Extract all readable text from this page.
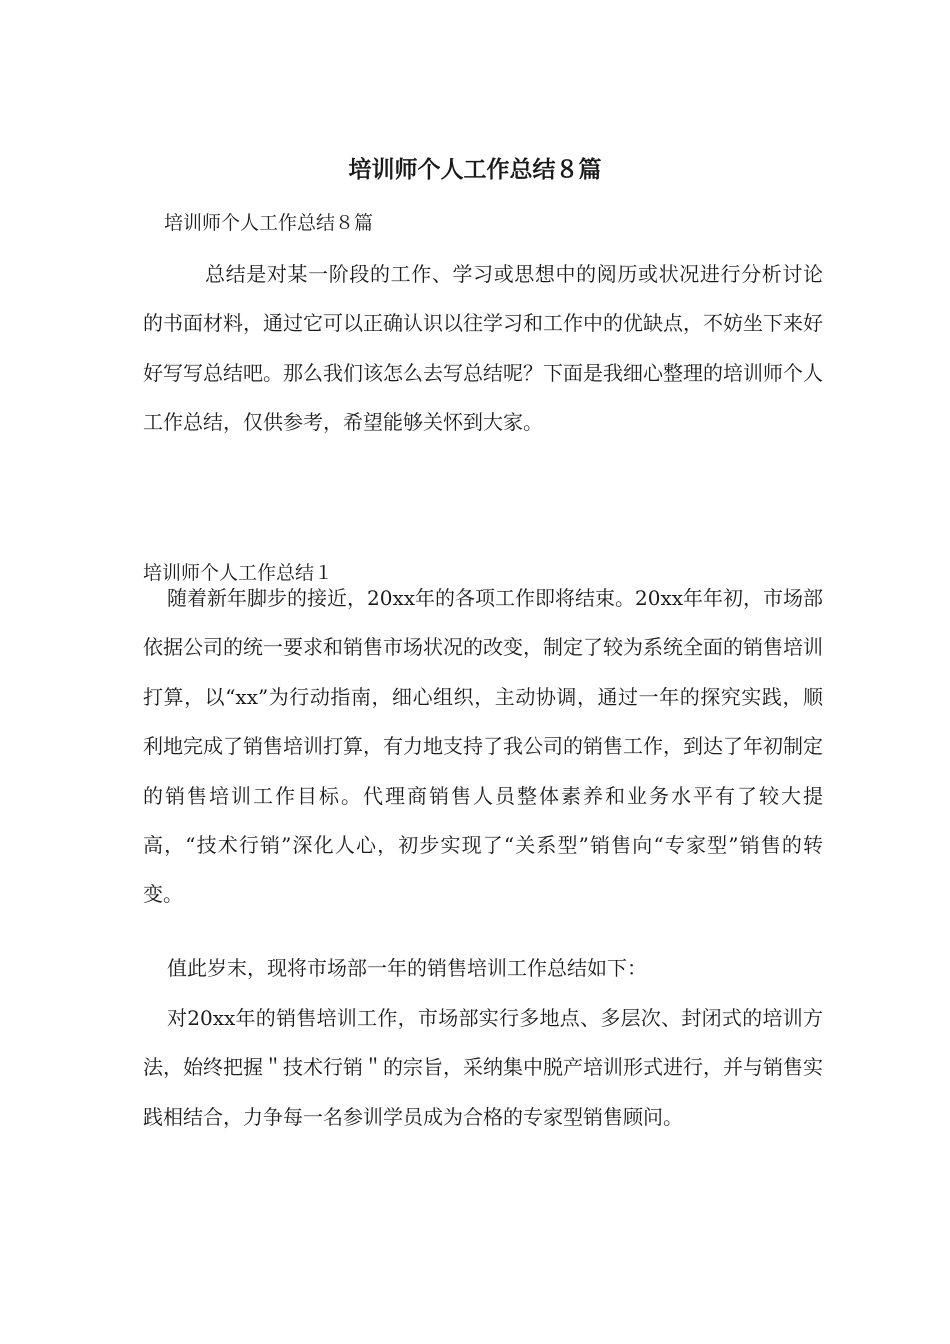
培训师个人工作总结８篇

培训师个人工作总结８篇

总结是对某一阶段的工作、学习或思想中的阅历或状况进行分析讨论的书面材料，通过它可以正确认识以往学习和工作中的优缺点，不妨坐下来好好写写总结吧。那么我们该怎么去写总结呢？下面是我细心整理的培训师个人工作总结，仅供参考，希望能够关怀到大家。

培训师个人工作总结１

随着新年脚步的接近，20xx年的各项工作即将结束。20xx年年初，市场部依据公司的统一要求和销售市场状况的改变，制定了较为系统全面的销售培训打算，以“xx”为行动指南，细心组织，主动协调，通过一年的探究实践，顺利地完成了销售培训打算，有力地支持了我公司的销售工作，到达了年初制定的销售培训工作目标。代理商销售人员整体素养和业务水平有了较大提高，“技术行销”深化人心，初步实现了“关系型”销售向“专家型”销售的转变。

值此岁末，现将市场部一年的销售培训工作总结如下：

对20xx年的销售培训工作，市场部实行多地点、多层次、封闭式的培训方法，始终把握＂技术行销＂的宗旨，采纳集中脱产培训形式进行，并与销售实践相结合，力争每一名参训学员成为合格的专家型销售顾问。
